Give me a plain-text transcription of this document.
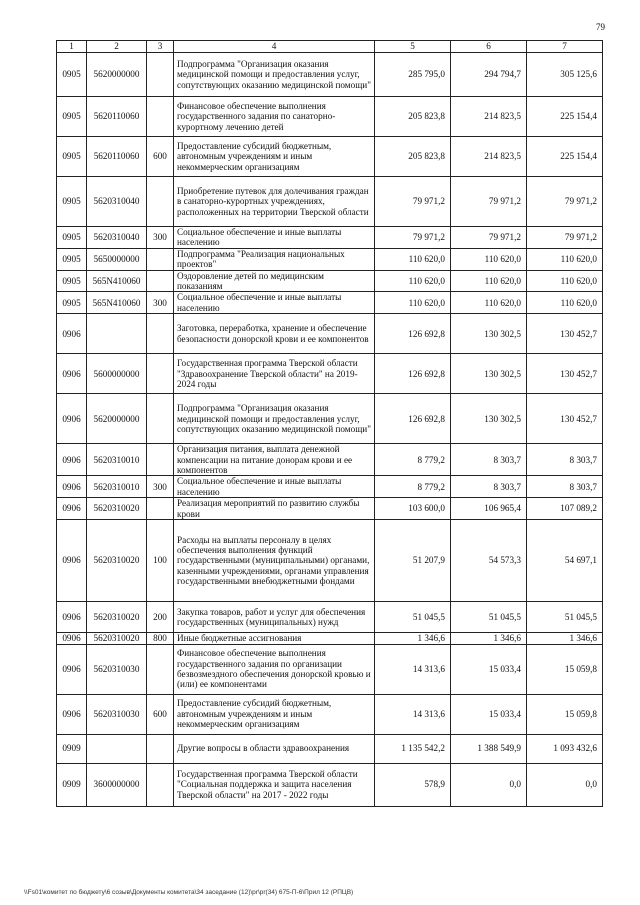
79
1	2	3	4	5	6	7
0905	5620000000		Подпрограмма "Организация оказания медицинской помощи и предоставления услуг, сопутствующих оказанию медицинской помощи"	285 795,0	294 794,7	305 125,6
0905	5620110060		Финансовое обеспечение выполнения государственного задания по санаторно-курортному лечению детей	205 823,8	214 823,5	225 154,4
0905	5620110060	600	Предоставление субсидий бюджетным, автономным учреждениям и иным некоммерческим организациям	205 823,8	214 823,5	225 154,4
0905	5620310040		Приобретение путевок для долечивания граждан в санаторно-курортных учреждениях, расположенных на территории Тверской области	79 971,2	79 971,2	79 971,2
0905	5620310040	300	Социальное обеспечение и иные выплаты населению	79 971,2	79 971,2	79 971,2
0905	5650000000		Подпрограмма "Реализация национальных проектов"	110 620,0	110 620,0	110 620,0
0905	565N410060		Оздоровление детей по медицинским показаниям	110 620,0	110 620,0	110 620,0
0905	565N410060	300	Социальное обеспечение и иные выплаты населению	110 620,0	110 620,0	110 620,0
0906			Заготовка, переработка, хранение и обеспечение безопасности донорской крови и ее компонентов	126 692,8	130 302,5	130 452,7
0906	5600000000		Государственная программа Тверской области "Здравоохранение Тверской области" на 2019-2024 годы	126 692,8	130 302,5	130 452,7
0906	5620000000		Подпрограмма "Организация оказания медицинской помощи и предоставления услуг, сопутствующих оказанию медицинской помощи"	126 692,8	130 302,5	130 452,7
0906	5620310010		Организация питания, выплата денежной компенсации на питание донорам крови и ее компонентов	8 779,2	8 303,7	8 303,7
0906	5620310010	300	Социальное обеспечение и иные выплаты населению	8 779,2	8 303,7	8 303,7
0906	5620310020		Реализация мероприятий по развитию службы крови	103 600,0	106 965,4	107 089,2
0906	5620310020	100	Расходы на выплаты персоналу в целях обеспечения выполнения функций государственными (муниципальными) органами, казенными учреждениями, органами управления государственными внебюджетными фондами	51 207,9	54 573,3	54 697,1
0906	5620310020	200	Закупка товаров, работ и услуг для обеспечения государственных (муниципальных) нужд	51 045,5	51 045,5	51 045,5
0906	5620310020	800	Иные бюджетные ассигнования	1 346,6	1 346,6	1 346,6
0906	5620310030		Финансовое обеспечение выполнения государственного задания по организации безвозмездного обеспечения донорской кровью и (или) ее компонентами	14 313,6	15 033,4	15 059,8
0906	5620310030	600	Предоставление субсидий бюджетным, автономным учреждениям и иным некоммерческим организациям	14 313,6	15 033,4	15 059,8
0909			Другие вопросы в области здравоохранения	1 135 542,2	1 388 549,9	1 093 432,6
0909	3600000000		Государственная программа Тверской области "Социальная поддержка и защита населения Тверской области" на 2017 - 2022 годы	578,9	0,0	0,0
\\Fs01\комитет по бюджету\6 созыв\Документы комитета\34 заседание (12)\pr\pr(34) 675-П-6\Прил 12 (РПЦВ)
